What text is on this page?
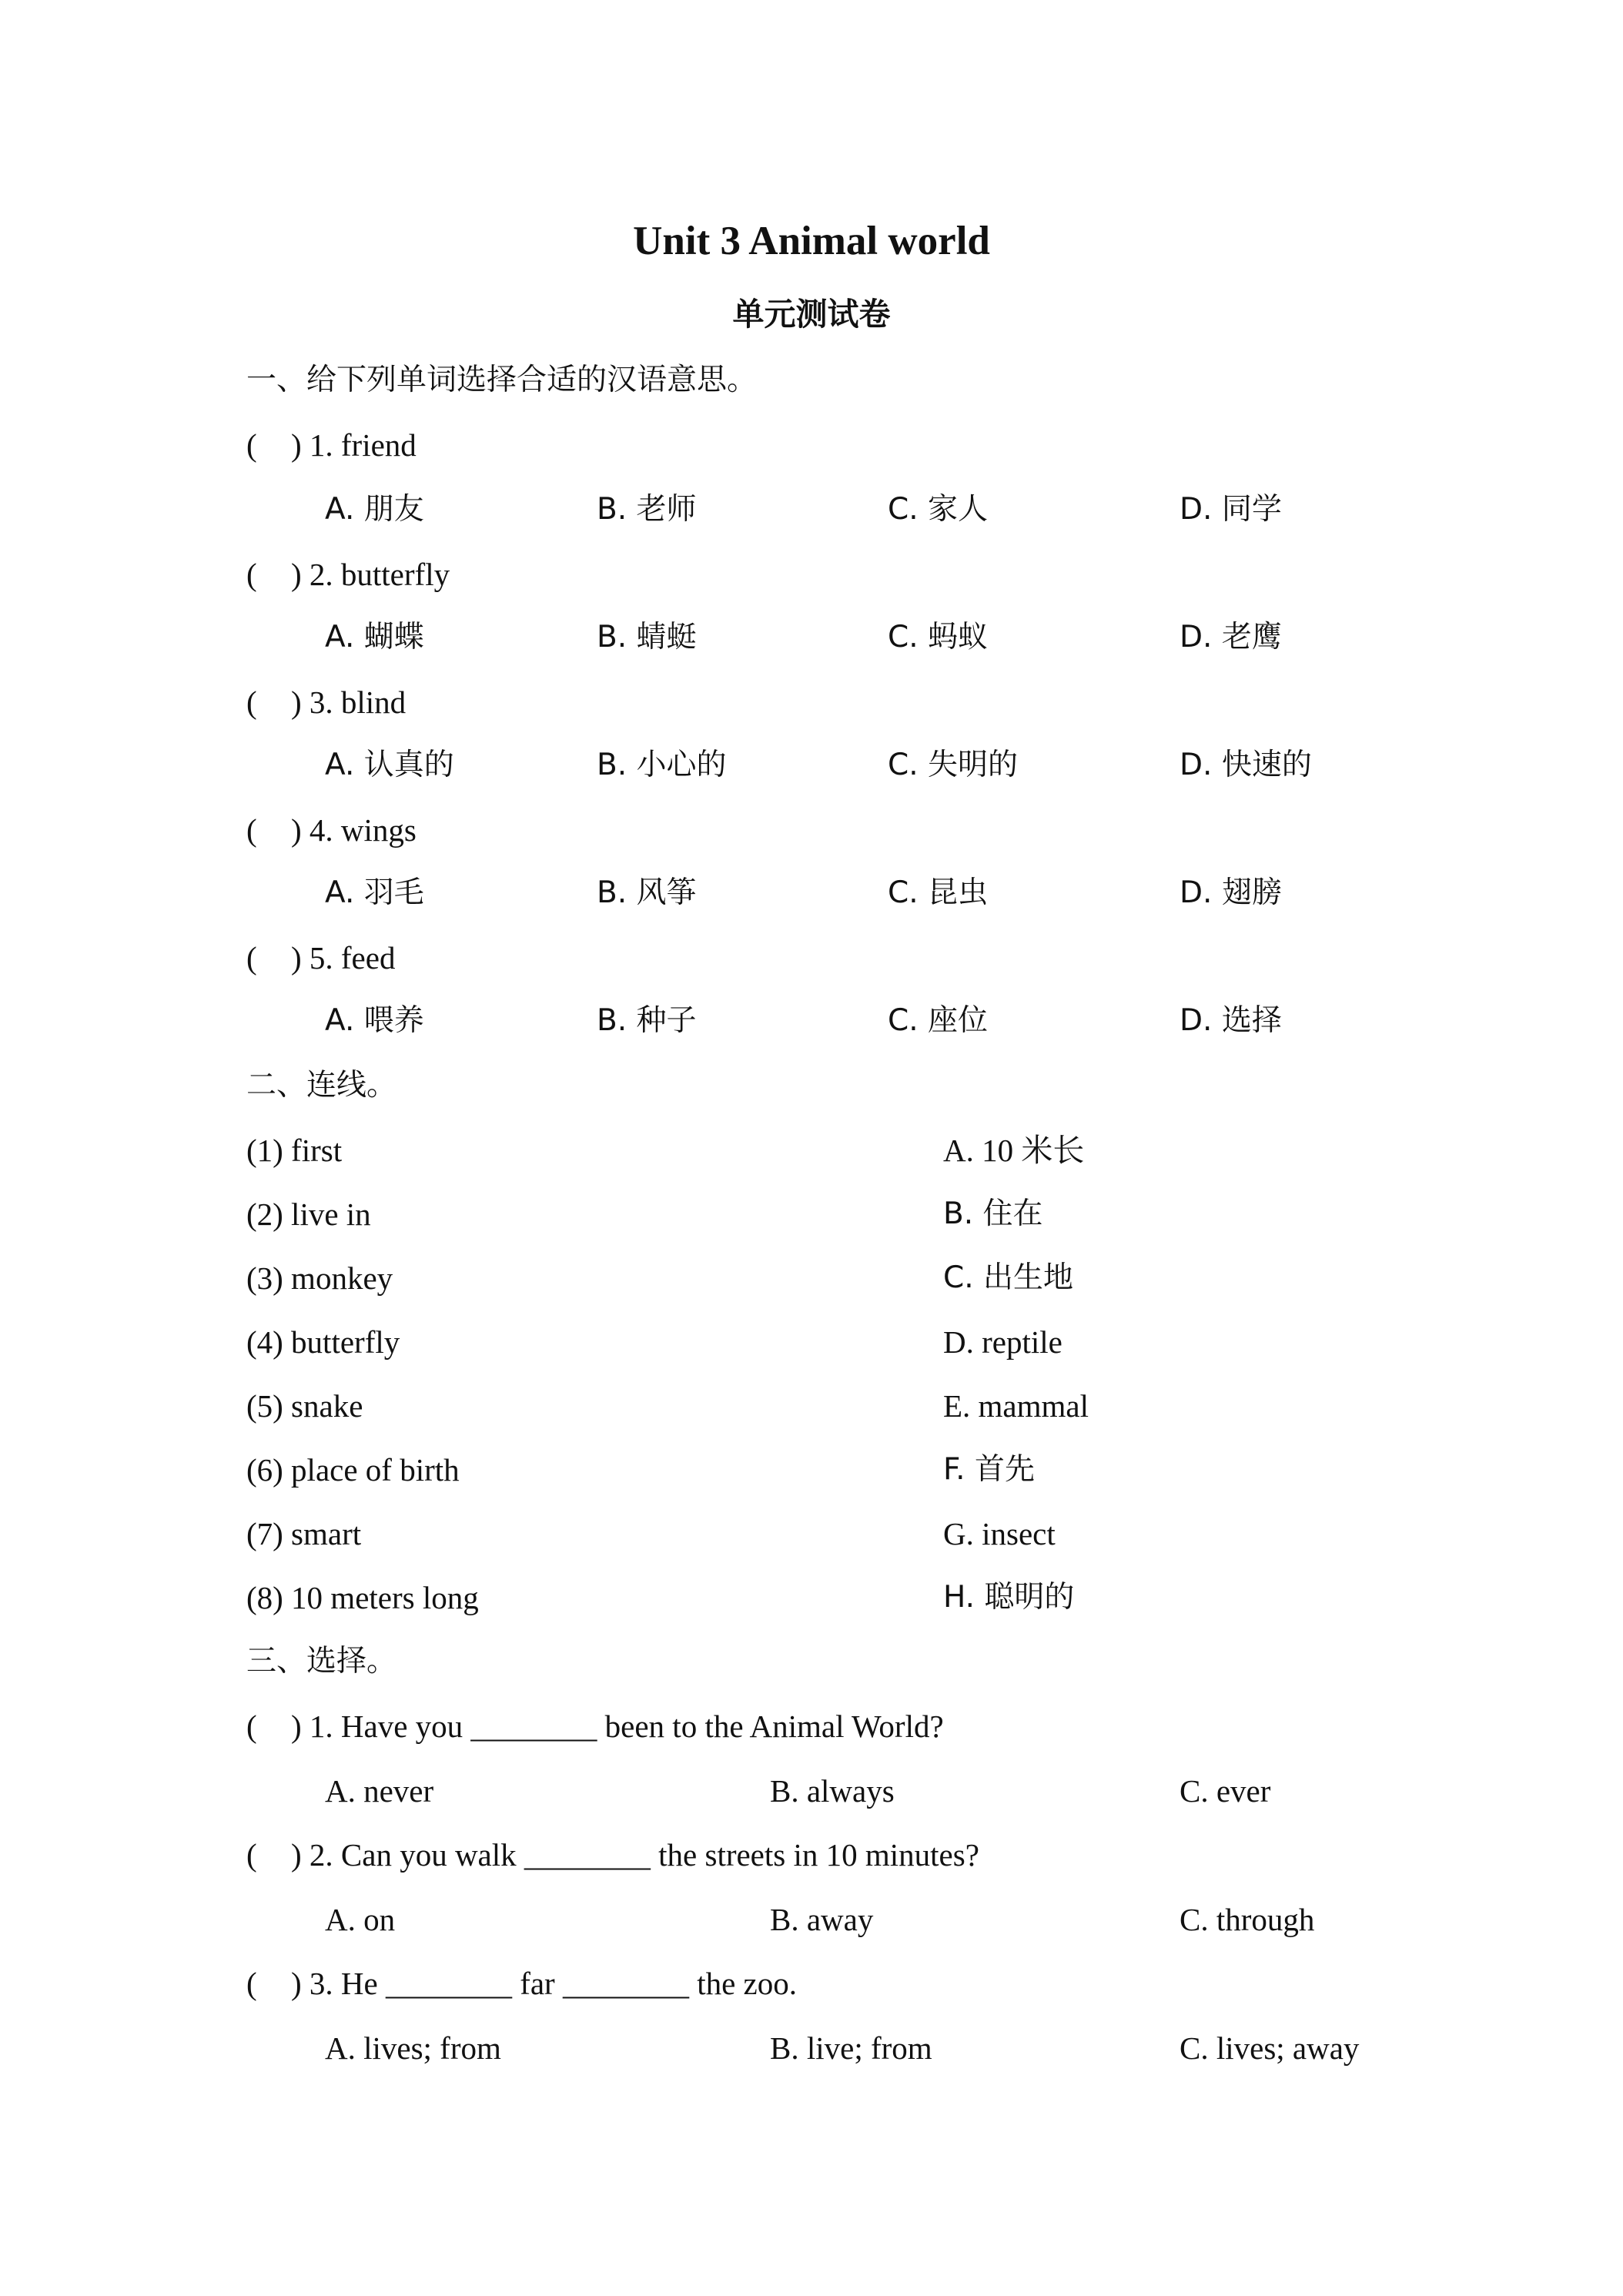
Unit 3 Animal world
单元测试卷
一、给下列单词选择合适的汉语意思。
( ) 1. friend
A. 朋友	B. 老师	C. 家人	D. 同学
( ) 2. butterfly
A. 蝴蝶	B. 蜻蜓	C. 蚂蚁	D. 老鹰
( ) 3. blind
A. 认真的	B. 小心的	C. 失明的	D. 快速的
( ) 4. wings
A. 羽毛	B. 风筝	C. 昆虫	D. 翅膀
( ) 5. feed
A. 喂养	B. 种子	C. 座位	D. 选择
二、连线。
(1) first	A. 10 米长
(2) live in	B. 住在
(3) monkey	C. 出生地
(4) butterfly	D. reptile
(5) snake	E. mammal
(6) place of birth	F. 首先
(7) smart	G. insect
(8) 10 meters long	H. 聪明的
三、选择。
( ) 1. Have you ________ been to the Animal World?
A. never	B. always	C. ever
( ) 2. Can you walk ________ the streets in 10 minutes?
A. on	B. away	C. through
( ) 3. He ________ far ________ the zoo.
A. lives; from	B. live; from	C. lives; away
